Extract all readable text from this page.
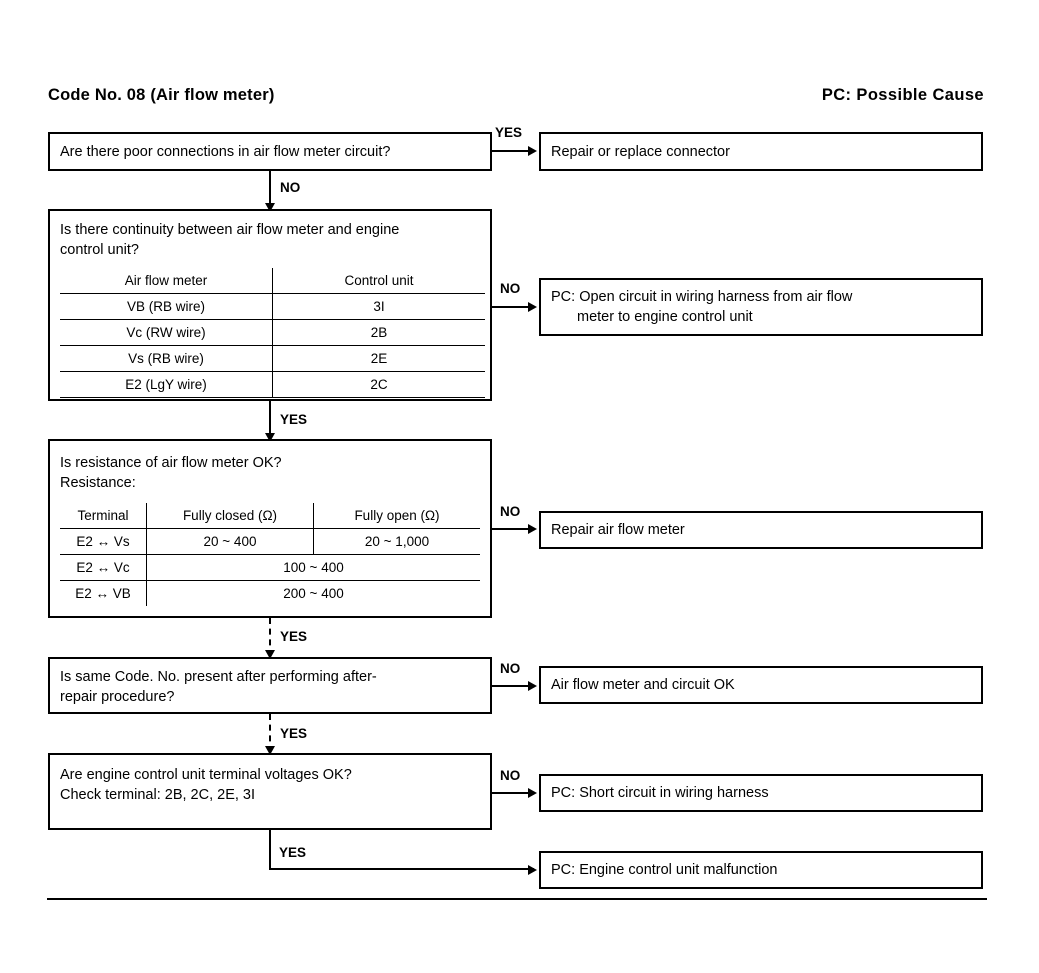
Code No. 08 (Air flow meter)	PC: Possible Cause
Are there poor connections in air flow meter circuit?
YES
Repair or replace connector
NO
Is there continuity between air flow meter and engine
control unit?
Air flow meter	Control unit
VB (RB wire)	3I
Vc (RW wire)	2B
Vs (RB wire)	2E
E2 (LgY wire)	2C
NO
PC: Open circuit in wiring harness from air flow
meter to engine control unit
YES
Is resistance of air flow meter OK?
Resistance:
Terminal	Fully closed (Ω)	Fully open (Ω)
E2 ↔ Vs	20 ~ 400	20 ~ 1,000
E2 ↔ Vc	100 ~ 400	
E2 ↔ VB	200 ~ 400	
NO
Repair air flow meter
YES
Is same Code. No. present after performing after-
repair procedure?
NO
Air flow meter and circuit OK
YES
Are engine control unit terminal voltages OK?
Check terminal: 2B, 2C, 2E, 3I
NO
PC: Short circuit in wiring harness
YES
PC: Engine control unit malfunction
